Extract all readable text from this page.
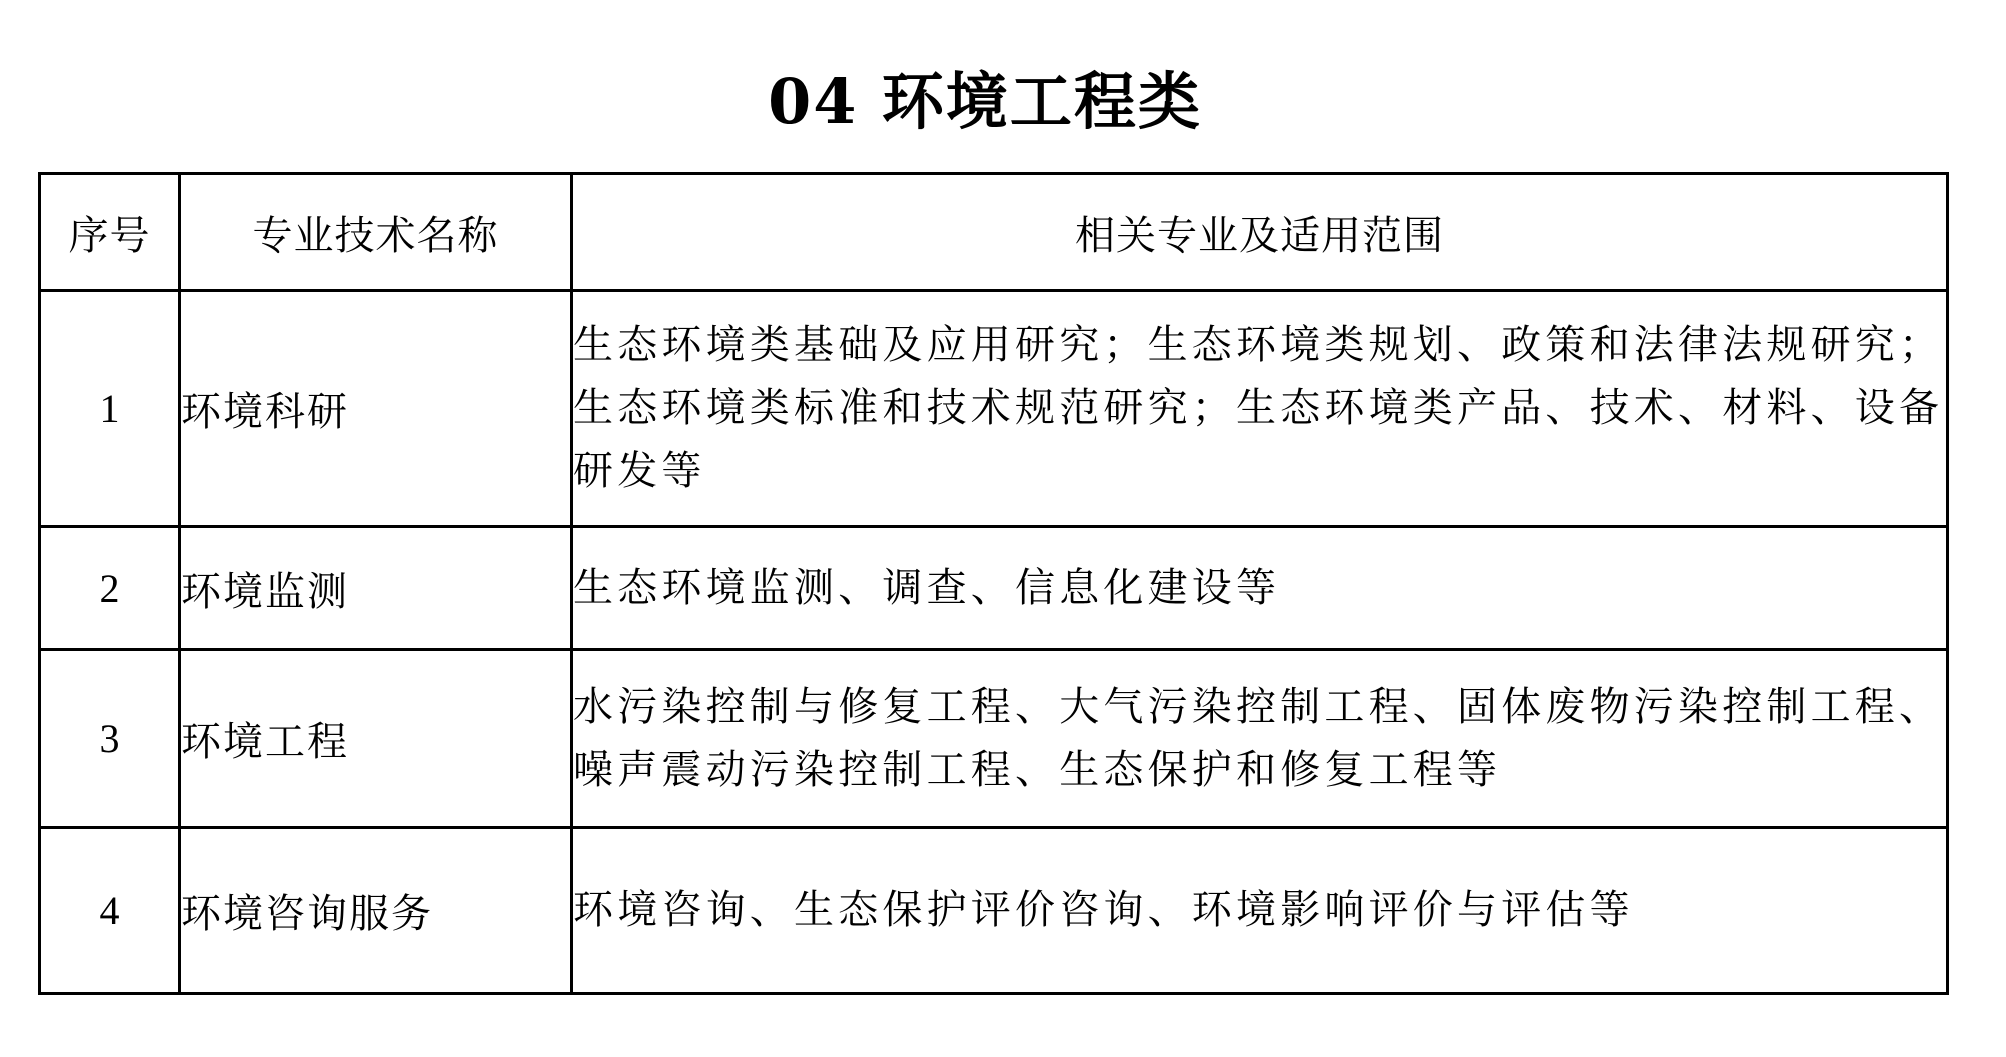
04 环境工程类
序号	专业技术名称	相关专业及适用范围
1	环境科研	生态环境类基础及应用研究；生态环境类规划、政策和法律法规研究；生态环境类标准和技术规范研究；生态环境类产品、技术、材料、设备研发等
2	环境监测	生态环境监测、调查、信息化建设等
3	环境工程	水污染控制与修复工程、大气污染控制工程、固体废物污染控制工程、噪声震动污染控制工程、生态保护和修复工程等
4	环境咨询服务	环境咨询、生态保护评价咨询、环境影响评价与评估等
